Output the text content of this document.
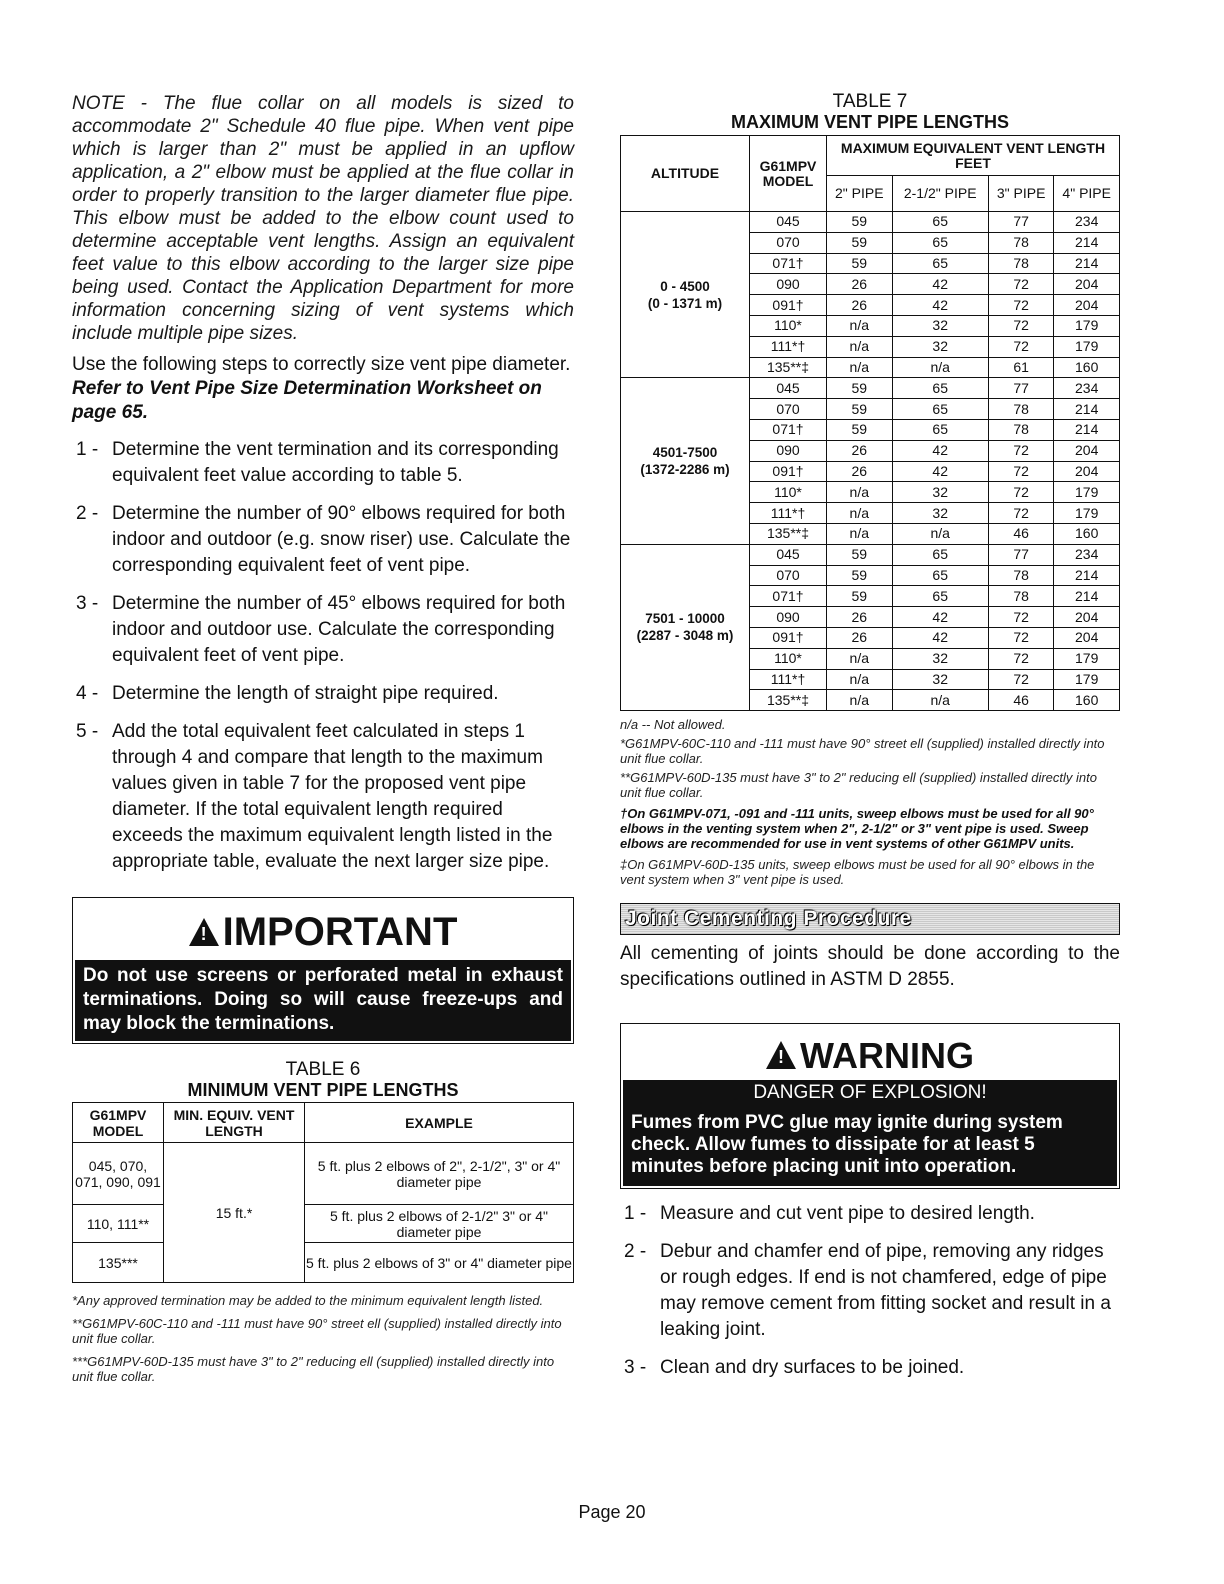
NOTE - The flue collar on all models is sized to accommodate 2" Schedule 40 flue pipe. When vent pipe which is larger than 2" must be applied in an upflow application, a 2" elbow must be applied at the flue collar in order to properly transition to the larger diameter flue pipe. This elbow must be added to the elbow count used to determine acceptable vent lengths. Assign an equivalent feet value to this elbow according to the larger size pipe being used. Contact the Application Department for more information concerning sizing of vent systems which include multiple pipe sizes.

Use the following steps to correctly size vent pipe diameter. Refer to Vent Pipe Size Determination Worksheet on page 65.

1 - Determine the vent termination and its corresponding equivalent feet value according to table 5.
2 - Determine the number of 90° elbows required for both indoor and outdoor (e.g. snow riser) use. Calculate the corresponding equivalent feet of vent pipe.
3 - Determine the number of 45° elbows required for both indoor and outdoor use. Calculate the corresponding equivalent feet of vent pipe.
4 - Determine the length of straight pipe required.
5 - Add the total equivalent feet calculated in steps 1 through 4 and compare that length to the maximum values given in table 7 for the proposed vent pipe diameter. If the total equivalent length required exceeds the maximum equivalent length listed in the appropriate table, evaluate the next larger size pipe.
!IMPORTANT
Do not use screens or perforated metal in exhaust terminations. Doing so will cause freeze-ups and may block the terminations.
TABLE 6
MINIMUM VENT PIPE LENGTHS
G61MPV MODEL	MIN. EQUIV. VENT LENGTH	EXAMPLE
045, 070, 071, 090, 091	15 ft.*	5 ft. plus 2 elbows of 2", 2-1/2", 3" or 4" diameter pipe
110, 111**		5 ft. plus 2 elbows of 2-1/2" 3" or 4" diameter pipe
135***		5 ft. plus 2 elbows of 3" or 4" diameter pipe

*Any approved termination may be added to the minimum equivalent length listed.

**G61MPV-60C-110 and -111 must have 90° street ell (supplied) installed directly into unit flue collar.

***G61MPV-60D-135 must have 3" to 2" reducing ell (supplied) installed directly into unit flue collar.

TABLE 7
MAXIMUM VENT PIPE LENGTHS
ALTITUDE	G61MPV MODEL	MAXIMUM EQUIVALENT VENT LENGTH FEET			
		2" PIPE	2-1/2" PIPE	3" PIPE	4" PIPE

0 - 4500
(0 - 1371 m)	045	59	65	77	234
	070	59	65	78	214
	071†	59	65	78	214
	090	26	42	72	204
	091†	26	42	72	204
	110*	n/a	32	72	179
	111*†	n/a	32	72	179
	135**‡	n/a	n/a	61	160

4501-7500
(1372-2286 m)	045	59	65	77	234
	070	59	65	78	214
	071†	59	65	78	214
	090	26	42	72	204
	091†	26	42	72	204
	110*	n/a	32	72	179
	111*†	n/a	32	72	179
	135**‡	n/a	n/a	46	160

7501 - 10000
(2287 - 3048 m)	045	59	65	77	234
	070	59	65	78	214
	071†	59	65	78	214
	090	26	42	72	204
	091†	26	42	72	204
	110*	n/a	32	72	179
	111*†	n/a	32	72	179
	135**‡	n/a	n/a	46	160

n/a -- Not allowed.

*G61MPV-60C-110 and -111 must have 90° street ell (supplied) installed directly into unit flue collar.

**G61MPV-60D-135 must have 3" to 2" reducing ell (supplied) installed directly into unit flue collar.

†On G61MPV-071, -091 and -111 units, sweep elbows must be used for all 90° elbows in the venting system when 2", 2-1/2" or 3" vent pipe is used. Sweep elbows are recommended for use in vent systems of other G61MPV units.

‡On G61MPV-60D-135 units, sweep elbows must be used for all 90° elbows in the vent system when 3" vent pipe is used.

Joint Cementing Procedure

All cementing of joints should be done according to the specifications outlined in ASTM D 2855.

!WARNING
DANGER OF EXPLOSION!
Fumes from PVC glue may ignite during system check. Allow fumes to dissipate for at least 5 minutes before placing unit into operation.
1 - Measure and cut vent pipe to desired length.
2 - Debur and chamfer end of pipe, removing any ridges or rough edges. If end is not chamfered, edge of pipe may remove cement from fitting socket and result in a leaking joint.
3 - Clean and dry surfaces to be joined.
Page 20
